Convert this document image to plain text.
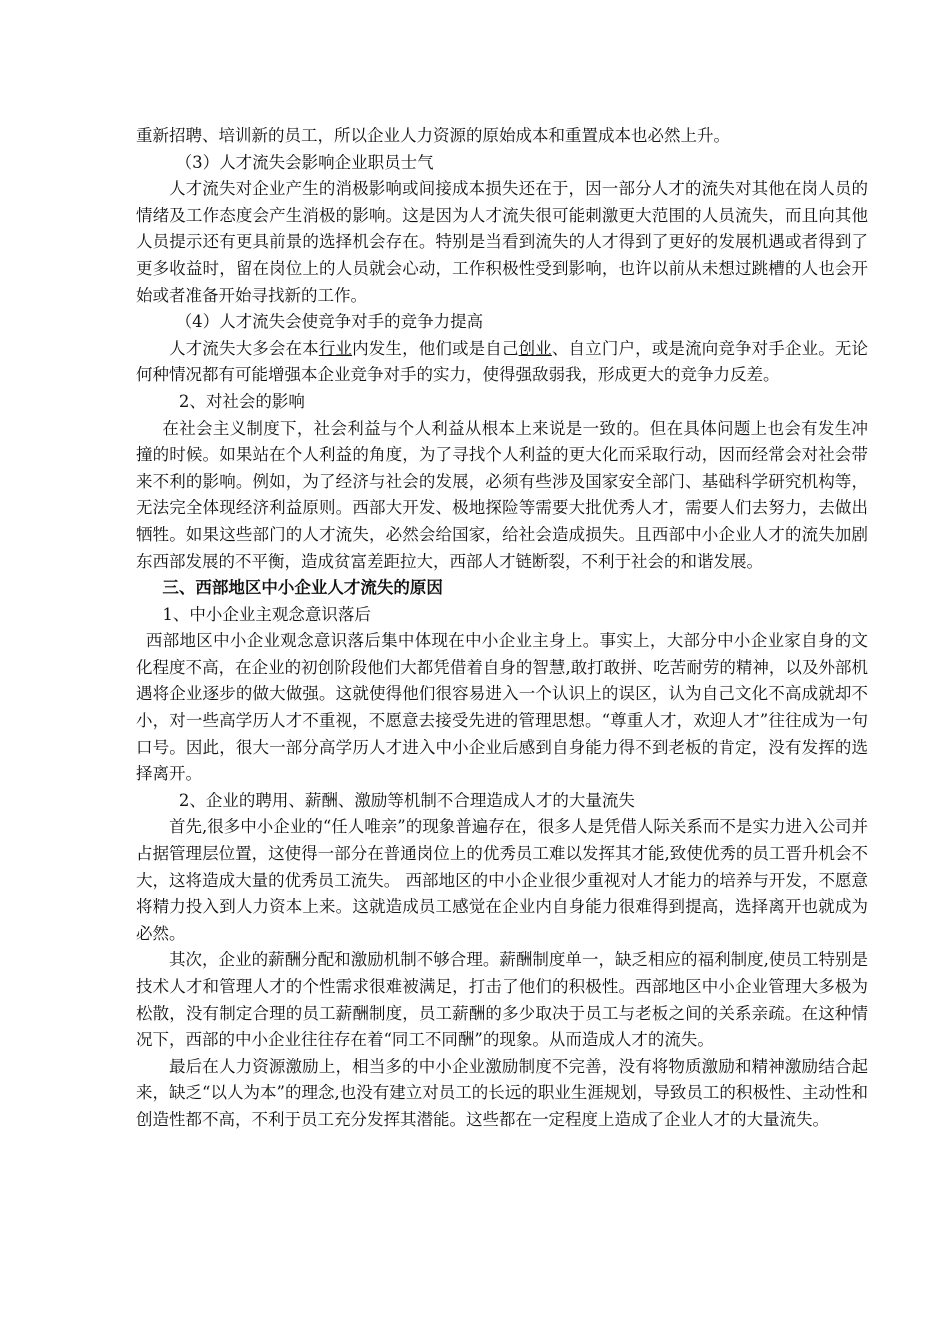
重新招聘、培训新的员工，所以企业人力资源的原始成本和重置成本也必然上升。

（3）人才流失会影响企业职员士气

人才流失对企业产生的消极影响或间接成本损失还在于，因一部分人才的流失对其他在岗人员的情绪及工作态度会产生消极的影响。这是因为人才流失很可能刺激更大范围的人员流失，而且向其他人员提示还有更具前景的选择机会存在。特别是当看到流失的人才得到了更好的发展机遇或者得到了更多收益时，留在岗位上的人员就会心动，工作积极性受到影响，也许以前从未想过跳槽的人也会开始或者准备开始寻找新的工作。

（4）人才流失会使竞争对手的竞争力提高

人才流失大多会在本行业内发生，他们或是自己创业、自立门户，或是流向竞争对手企业。无论何种情况都有可能增强本企业竞争对手的实力，使得强敌弱我，形成更大的竞争力反差。

2、对社会的影响

在社会主义制度下，社会利益与个人利益从根本上来说是一致的。但在具体问题上也会有发生冲撞的时候。如果站在个人利益的角度，为了寻找个人利益的更大化而采取行动，因而经常会对社会带来不利的影响。例如，为了经济与社会的发展，必须有些涉及国家安全部门、基础科学研究机构等，无法完全体现经济利益原则。西部大开发、极地探险等需要大批优秀人才，需要人们去努力，去做出牺牲。如果这些部门的人才流失，必然会给国家，给社会造成损失。且西部中小企业人才的流失加剧东西部发展的不平衡，造成贫富差距拉大，西部人才链断裂，不利于社会的和谐发展。

三、西部地区中小企业人才流失的原因

1、中小企业主观念意识落后

西部地区中小企业观念意识落后集中体现在中小企业主身上。事实上，大部分中小企业家自身的文化程度不高，在企业的初创阶段他们大都凭借着自身的智慧,敢打敢拼、吃苦耐劳的精神，以及外部机遇将企业逐步的做大做强。这就使得他们很容易进入一个认识上的误区，认为自己文化不高成就却不小，对一些高学历人才不重视，不愿意去接受先进的管理思想。“尊重人才，欢迎人才”往往成为一句口号。因此，很大一部分高学历人才进入中小企业后感到自身能力得不到老板的肯定，没有发挥的选择离开。

2、企业的聘用、薪酬、激励等机制不合理造成人才的大量流失

首先,很多中小企业的“任人唯亲”的现象普遍存在，很多人是凭借人际关系而不是实力进入公司并占据管理层位置，这使得一部分在普通岗位上的优秀员工难以发挥其才能,致使优秀的员工晋升机会不大，这将造成大量的优秀员工流失。 西部地区的中小企业很少重视对人才能力的培养与开发，不愿意将精力投入到人力资本上来。这就造成员工感觉在企业内自身能力很难得到提高，选择离开也就成为必然。

其次，企业的薪酬分配和激励机制不够合理。薪酬制度单一，缺乏相应的福利制度,使员工特别是技术人才和管理人才的个性需求很难被满足，打击了他们的积极性。西部地区中小企业管理大多极为松散，没有制定合理的员工薪酬制度，员工薪酬的多少取决于员工与老板之间的关系亲疏。在这种情况下，西部的中小企业往往存在着“同工不同酬”的现象。从而造成人才的流失。

最后在人力资源激励上，相当多的中小企业激励制度不完善，没有将物质激励和精神激励结合起来，缺乏“以人为本”的理念,也没有建立对员工的长远的职业生涯规划，导致员工的积极性、主动性和创造性都不高，不利于员工充分发挥其潜能。这些都在一定程度上造成了企业人才的大量流失。
